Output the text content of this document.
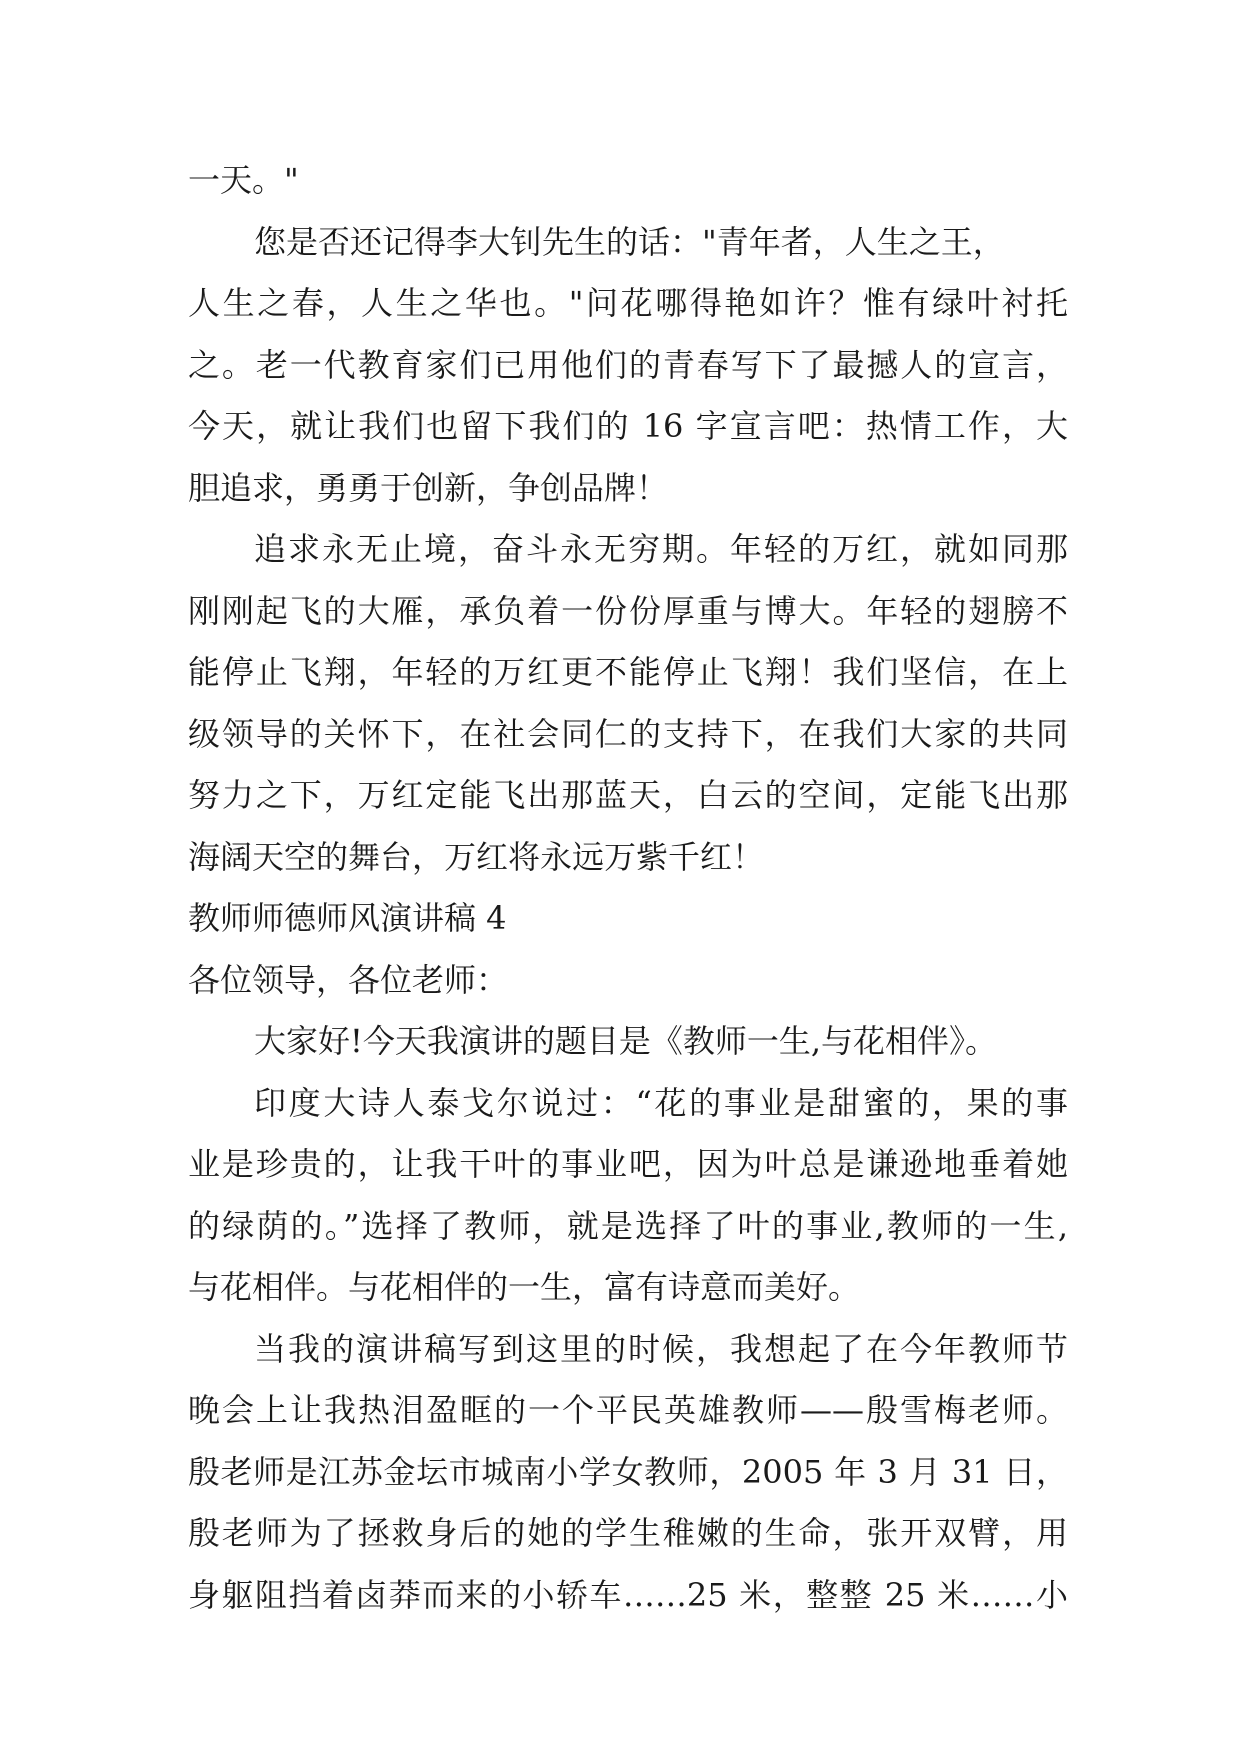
一天。"
您是否还记得李大钊先生的话："青年者，人生之王，
人生之春，人生之华也。"问花哪得艳如许？惟有绿叶衬托
之。老一代教育家们已用他们的青春写下了最撼人的宣言，
今天，就让我们也留下我们的 16 字宣言吧：热情工作，大
胆追求，勇勇于创新，争创品牌！
追求永无止境，奋斗永无穷期。年轻的万红，就如同那
刚刚起飞的大雁，承负着一份份厚重与博大。年轻的翅膀不
能停止飞翔，年轻的万红更不能停止飞翔！我们坚信，在上
级领导的关怀下，在社会同仁的支持下，在我们大家的共同
努力之下，万红定能飞出那蓝天，白云的空间，定能飞出那
海阔天空的舞台，万红将永远万紫千红！
教师师德师风演讲稿 4
各位领导，各位老师：
大家好!今天我演讲的题目是《教师一生,与花相伴》。
印度大诗人泰戈尔说过：“花的事业是甜蜜的，果的事
业是珍贵的，让我干叶的事业吧，因为叶总是谦逊地垂着她
的绿荫的。”选择了教师，就是选择了叶的事业,教师的一生,
与花相伴。与花相伴的一生，富有诗意而美好。
当我的演讲稿写到这里的时候，我想起了在今年教师节
晚会上让我热泪盈眶的一个平民英雄教师——殷雪梅老师。
殷老师是江苏金坛市城南小学女教师，2005 年 3 月 31 日，
殷老师为了拯救身后的她的学生稚嫩的生命，张开双臂，用
身躯阻挡着卤莽而来的小轿车……25 米，整整 25 米……小
